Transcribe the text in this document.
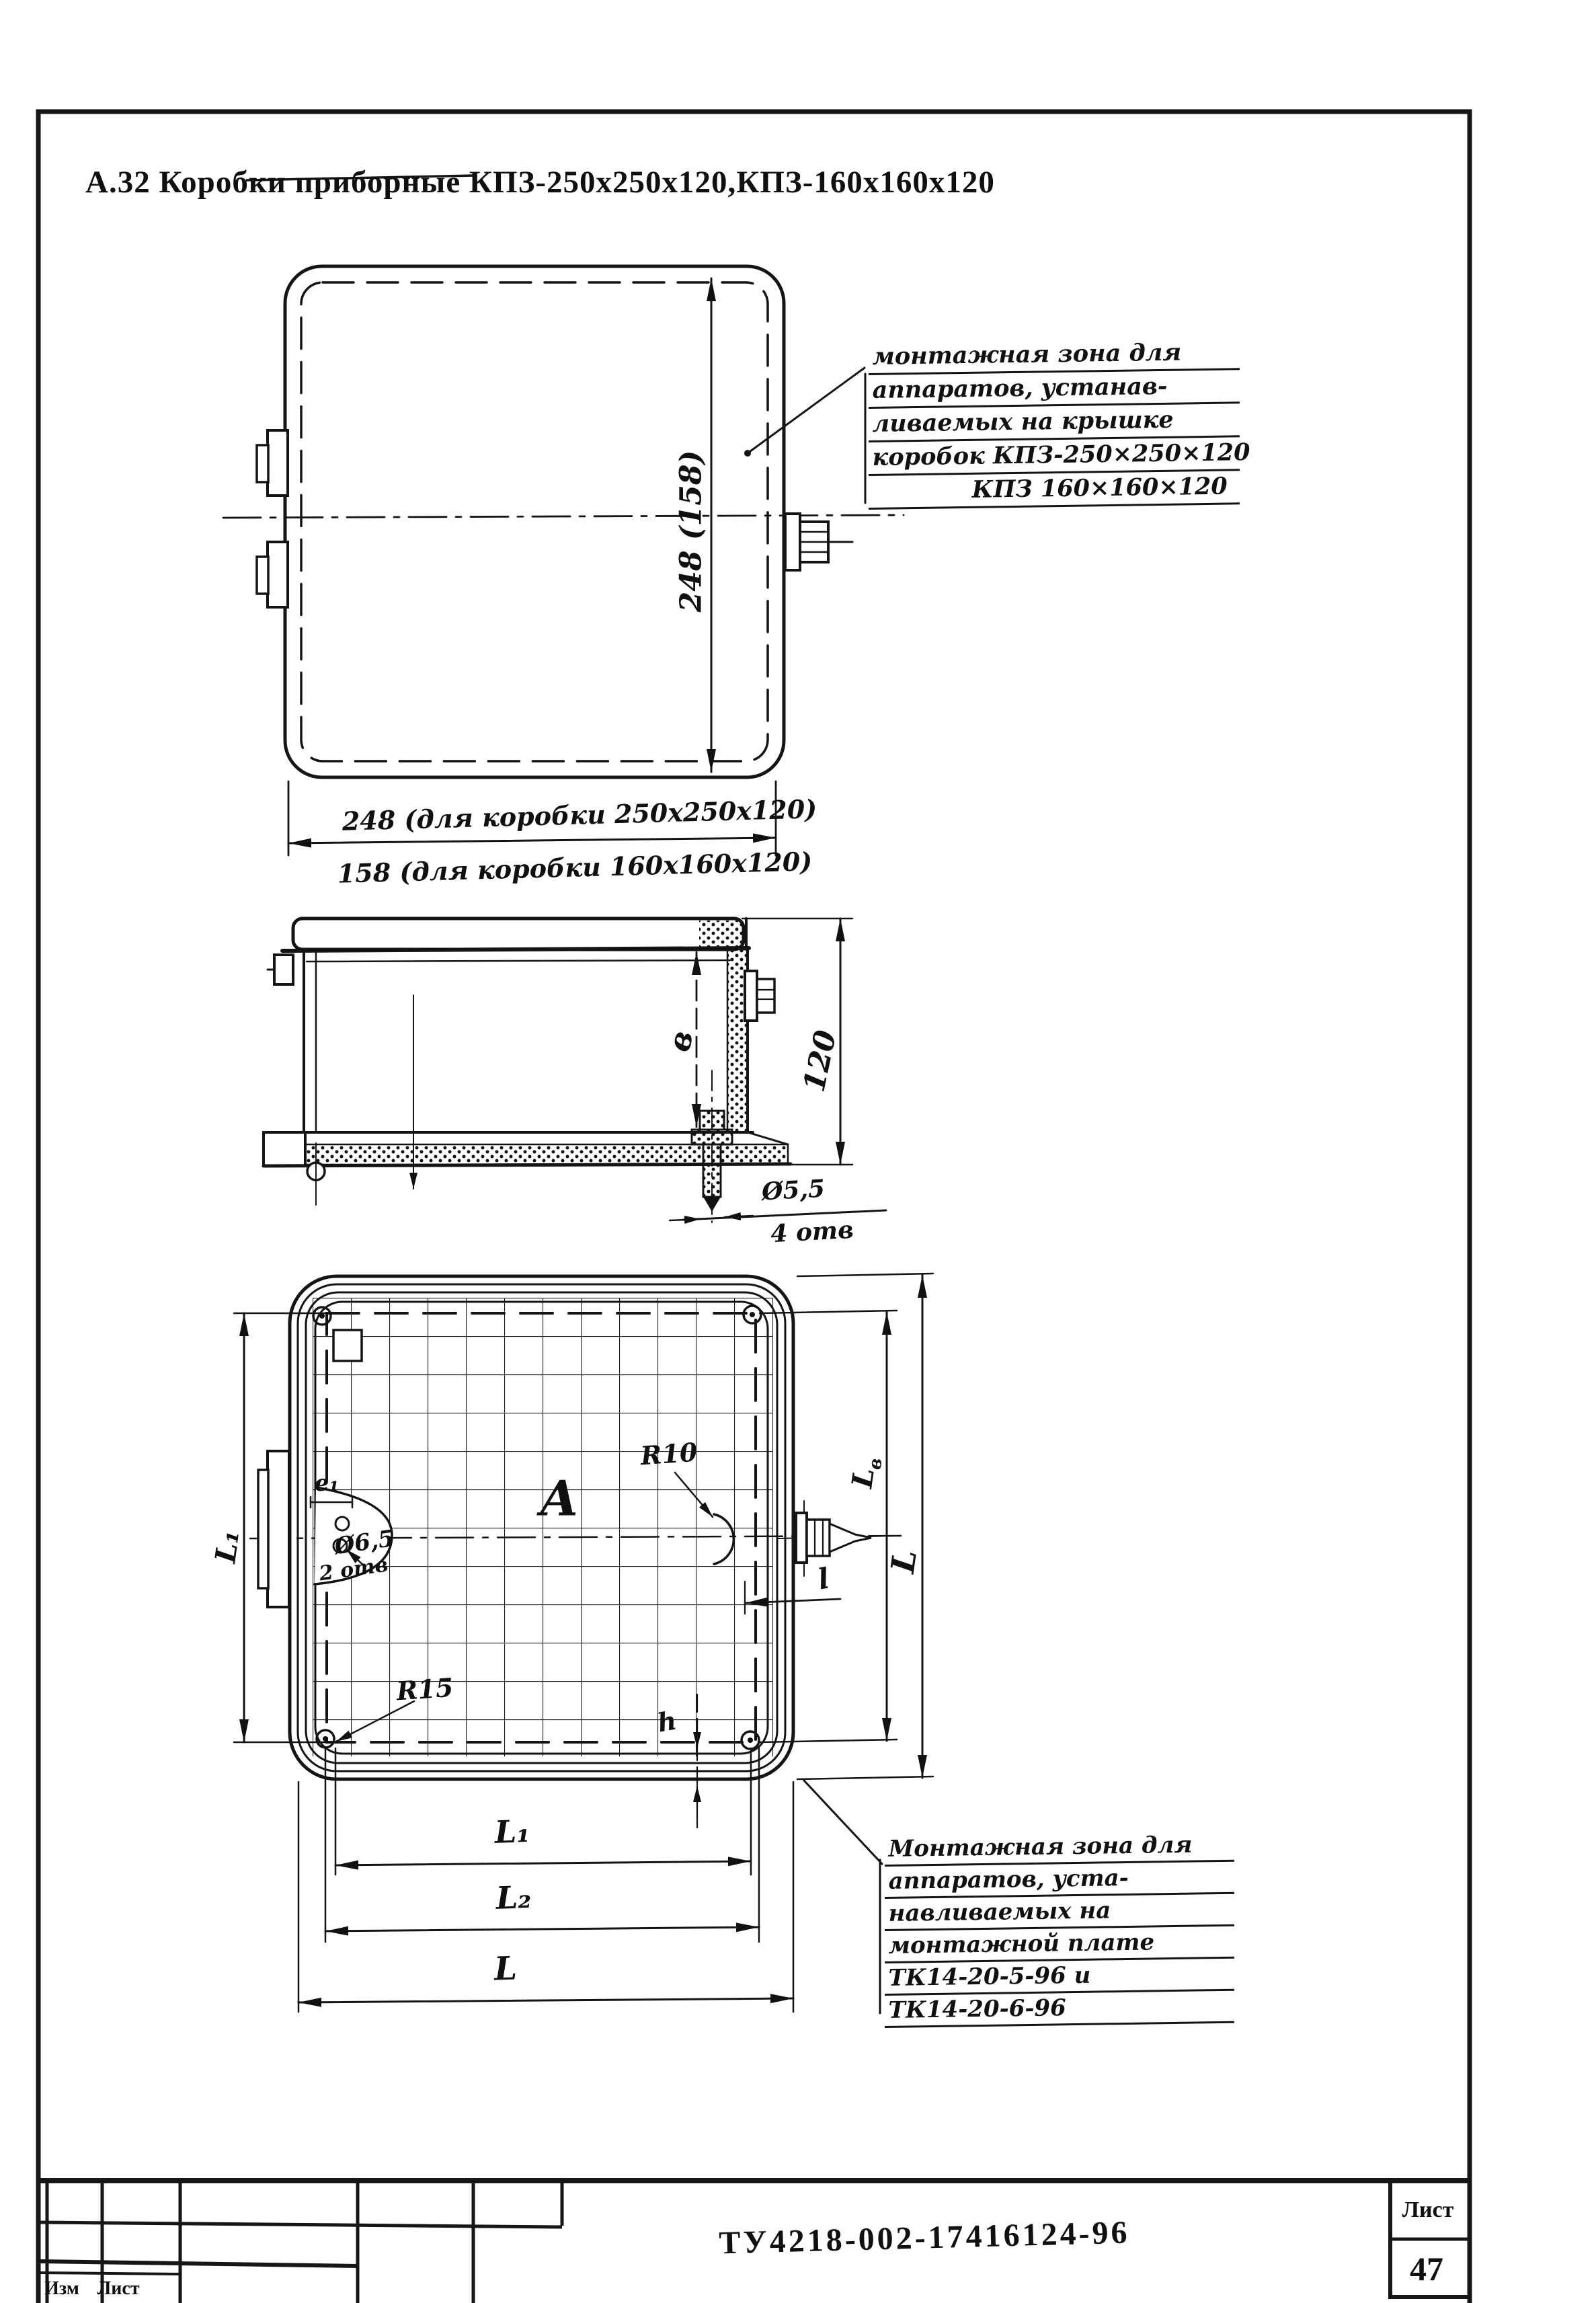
А.32 Коробки приборные КПЗ-250х250х120,КПЗ-160х160х120
248 (158)
248 (для коробки 250х250х120)
158 (для коробки 160х160х120)
монтажная зона для
аппаратов, устанав-
ливаемых на крышке
коробок КПЗ-250×250×120
КПЗ 160×160×120
в	120
Ø5,5
4 отв
А
R10
R15
Ø6,5
2 отв
е₁
L₁
$L_в$
L
l
h
L₁
L₂
L
Монтажная зона для
аппаратов, уста-
навливаемых на
монтажной плате
ТК14-20-5-96 и
ТК14-20-6-96
ТУ4218-002-17416124-96
Лист
47
Изм Лист
